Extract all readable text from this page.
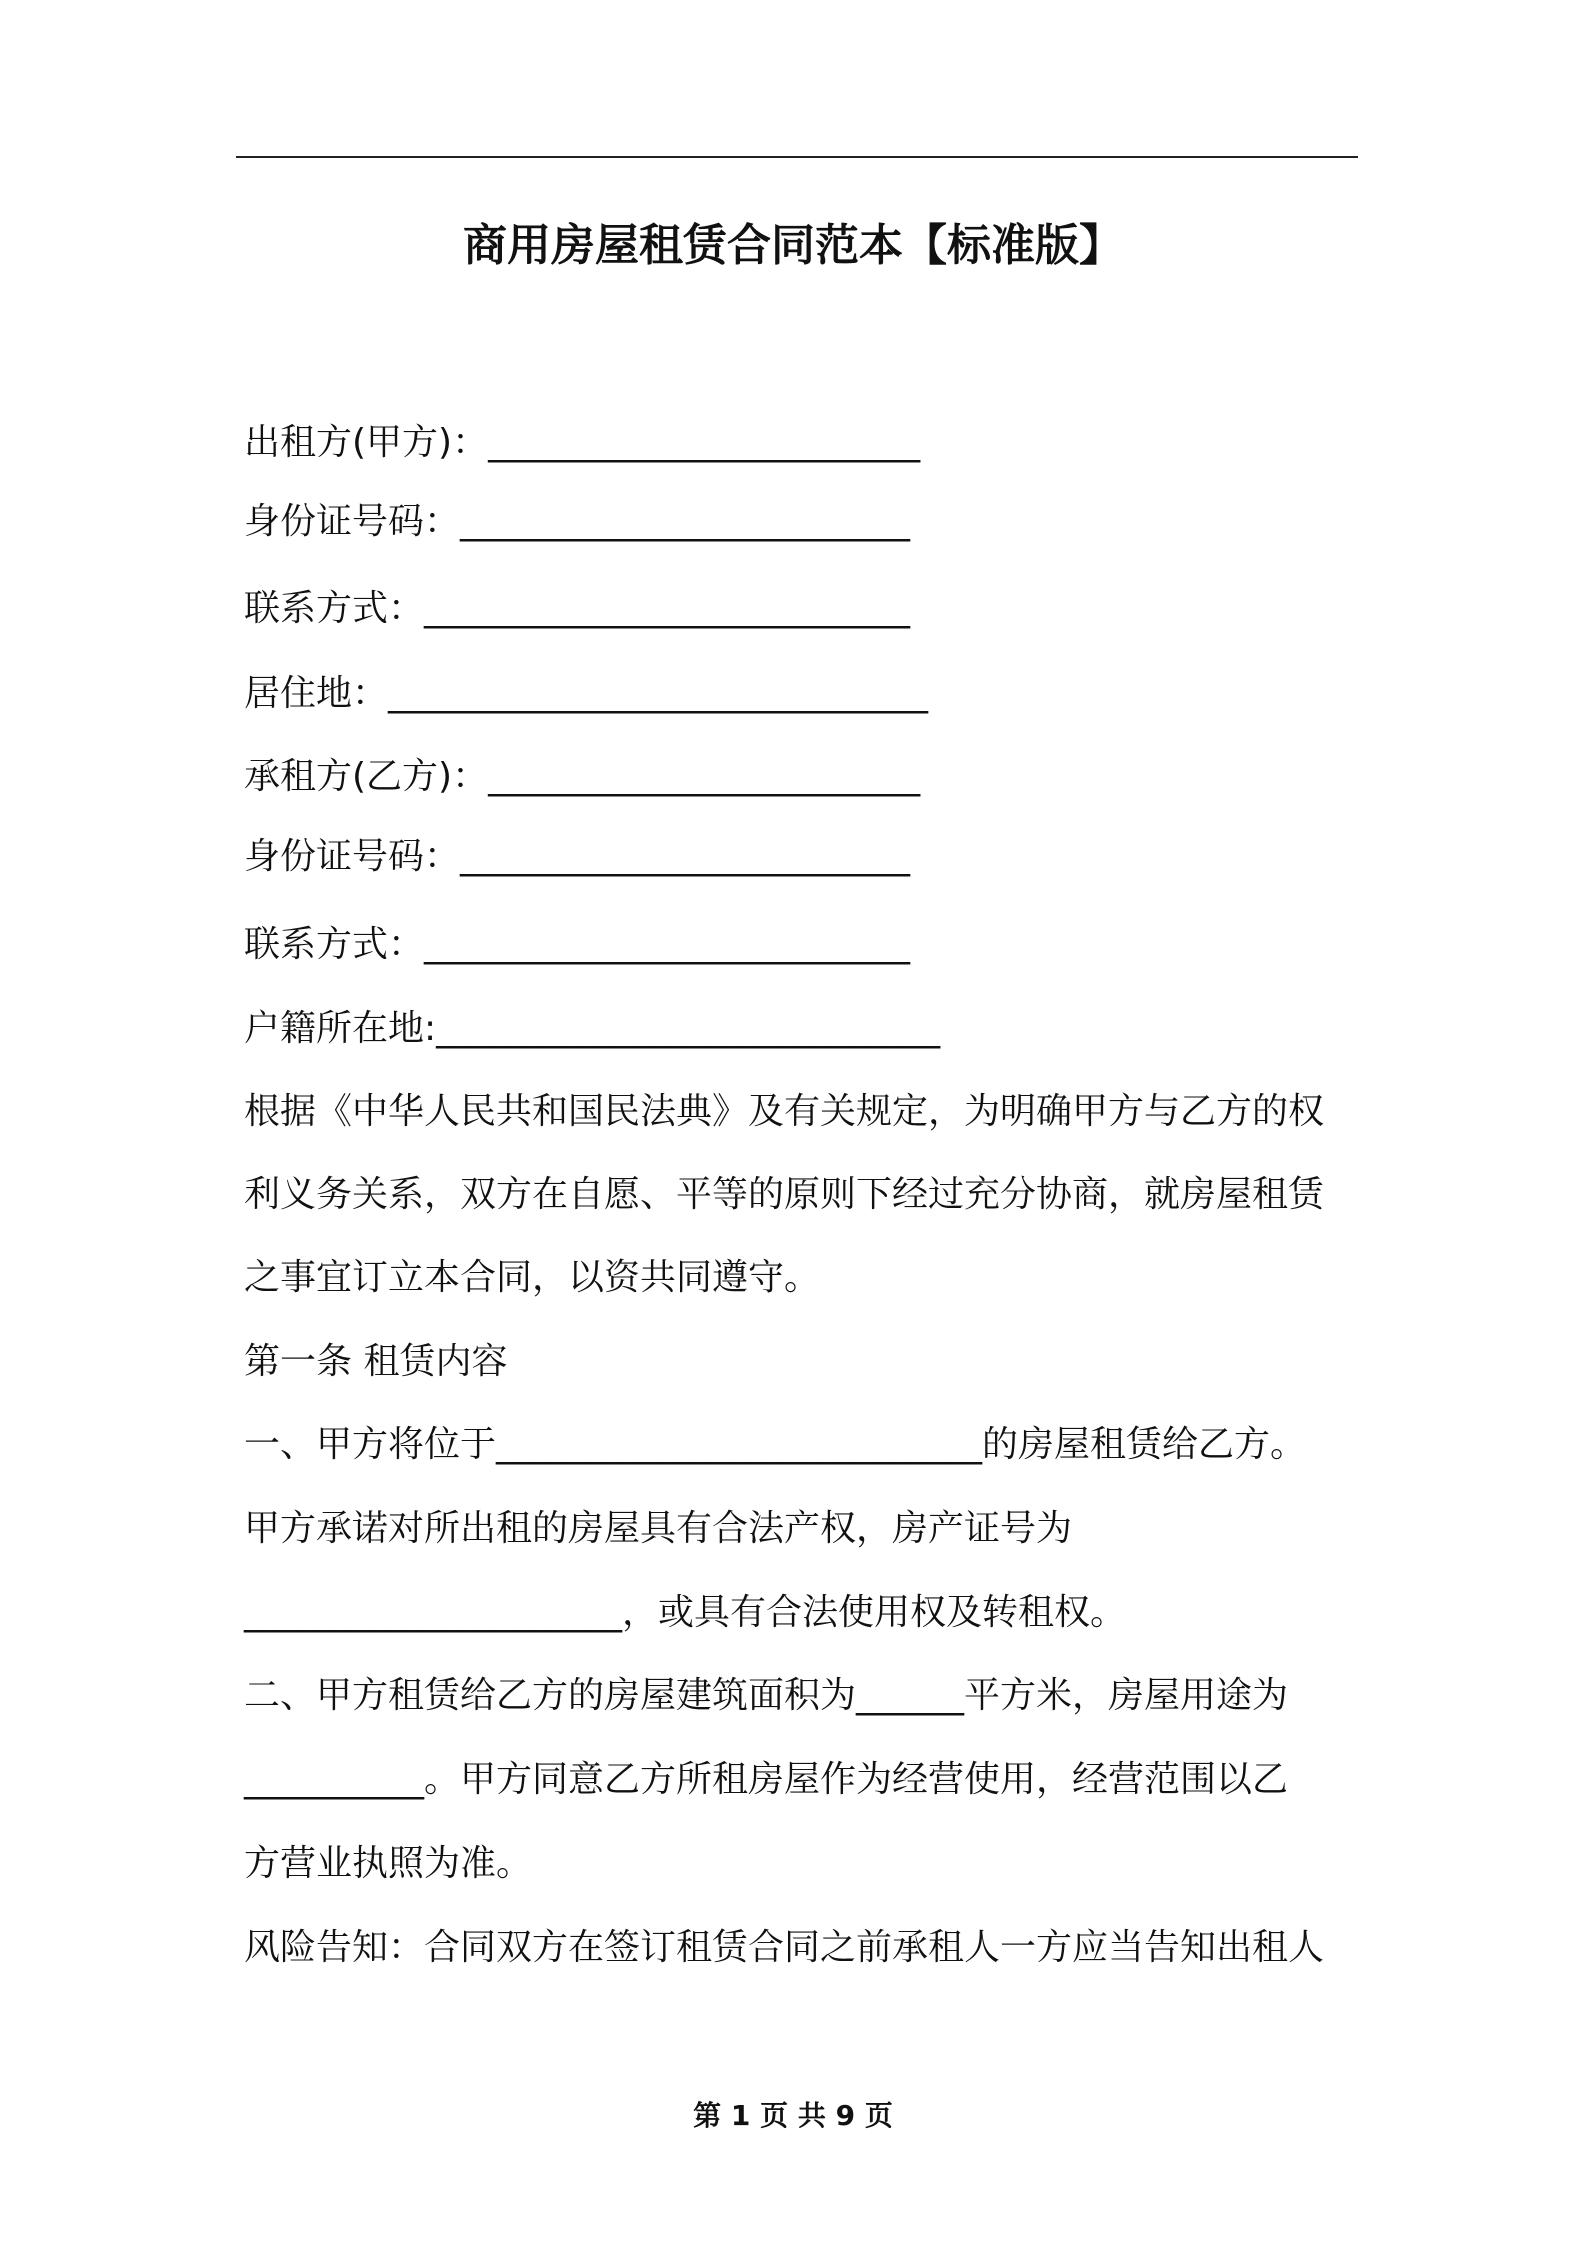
商用房屋租赁合同范本【标准版】
出租方(甲方)：________________________
身份证号码：_________________________
联系方式：___________________________
居住地：______________________________
承租方(乙方)：________________________
身份证号码：_________________________
联系方式：___________________________
户籍所在地:____________________________
根据《中华人民共和国民法典》及有关规定，为明确甲方与乙方的权
利义务关系，双方在自愿、平等的原则下经过充分协商，就房屋租赁
之事宜订立本合同，以资共同遵守。
第一条 租赁内容
一、甲方将位于___________________________的房屋租赁给乙方。
甲方承诺对所出租的房屋具有合法产权，房产证号为
_____________________，或具有合法使用权及转租权。
二、甲方租赁给乙方的房屋建筑面积为______平方米，房屋用途为
__________。甲方同意乙方所租房屋作为经营使用，经营范围以乙
方营业执照为准。
风险告知：合同双方在签订租赁合同之前承租人一方应当告知出租人
第 1 页 共 9 页
